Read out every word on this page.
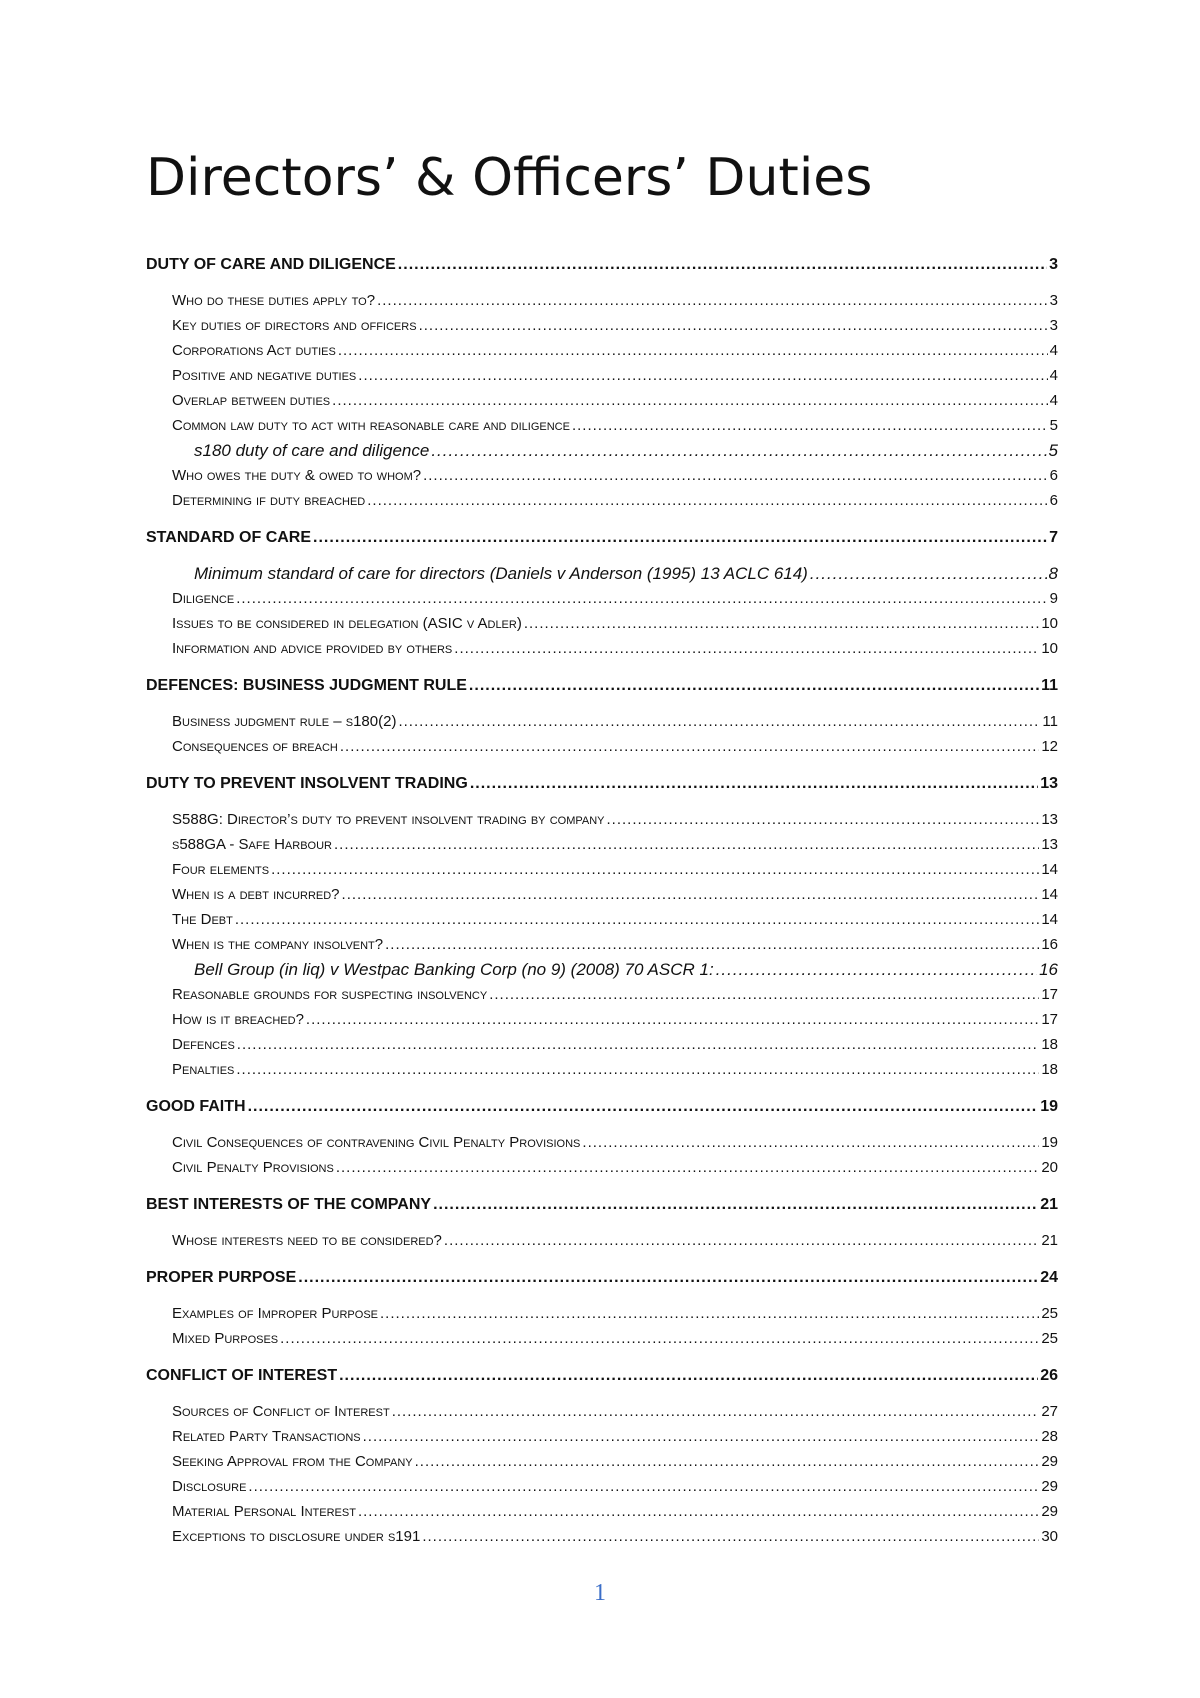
Directors’ & Officers’ Duties
DUTY OF CARE AND DILIGENCE .....	3
Who do these duties apply to? .....	3
Key duties of directors and officers .....	3
Corporations Act duties .....	4
Positive and negative duties .....	4
Overlap between duties .....	4
Common law duty to act with reasonable care and diligence .....	5
s180 duty of care and diligence .....	5
Who owes the duty & owed to whom? .....	6
Determining if duty breached .....	6
STANDARD OF CARE .....	7
Minimum standard of care for directors (Daniels v Anderson (1995) 13 ACLC 614) .....	8
Diligence .....	9
Issues to be considered in delegation (ASIC v Adler) .....	10
Information and advice provided by others .....	10
DEFENCES: BUSINESS JUDGMENT RULE .....	11
Business judgment rule – s180(2) .....	11
Consequences of breach .....	12
DUTY TO PREVENT INSOLVENT TRADING .....	13
S588G: Director’s duty to prevent insolvent trading by company .....	13
s588GA - Safe Harbour .....	13
Four elements .....	14
When is a debt incurred? .....	14
The Debt .....	14
When is the company insolvent? .....	16
Bell Group (in liq) v Westpac Banking Corp (no 9) (2008) 70 ASCR 1: .....	16
Reasonable grounds for suspecting insolvency .....	17
How is it breached? .....	17
Defences .....	18
Penalties .....	18
GOOD FAITH .....	19
Civil Consequences of contravening Civil Penalty Provisions .....	19
Civil Penalty Provisions .....	20
BEST INTERESTS OF THE COMPANY .....	21
Whose interests need to be considered? .....	21
PROPER PURPOSE .....	24
Examples of Improper Purpose .....	25
Mixed Purposes .....	25
CONFLICT OF INTEREST .....	26
Sources of Conflict of Interest .....	27
Related Party Transactions .....	28
Seeking Approval from the Company .....	29
Disclosure .....	29
Material Personal Interest .....	29
Exceptions to disclosure under s191 .....	30
1
